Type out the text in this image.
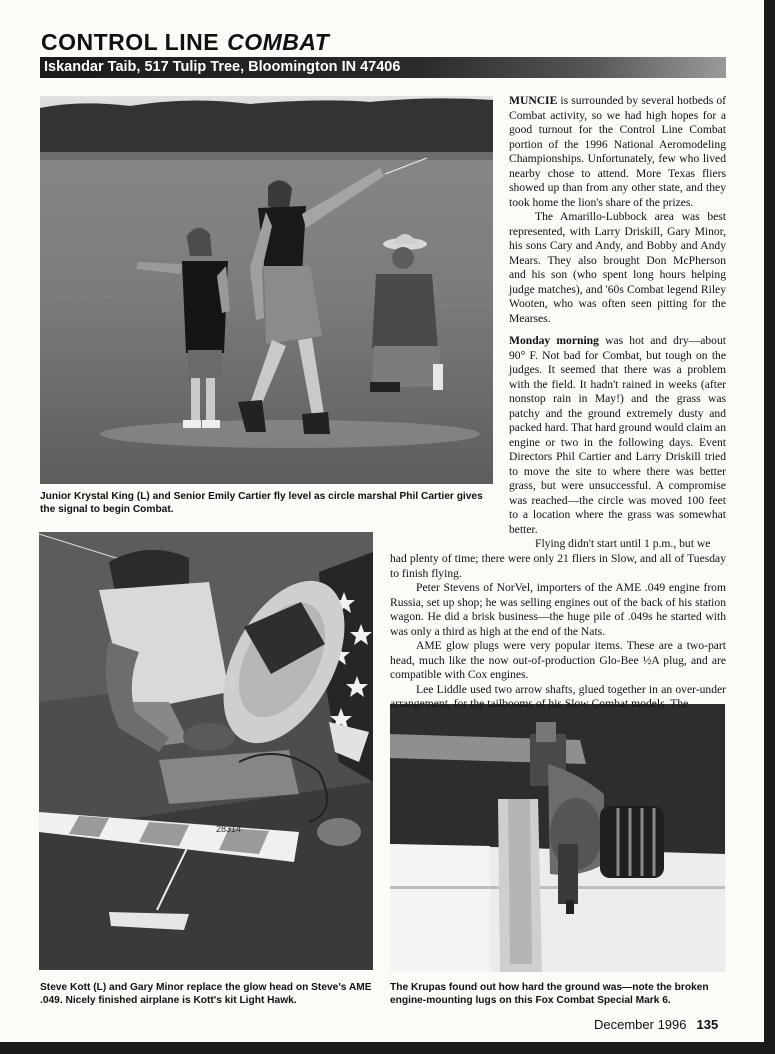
CONTROL LINE COMBAT
Iskandar Taib, 517 Tulip Tree, Bloomington IN 47406
Junior Krystal King (L) and Senior Emily Cartier fly level as circle marshal Phil Cartier gives the signal to begin Combat.
28314
Steve Kott (L) and Gary Minor replace the glow head on Steve's AME .049. Nicely finished airplane is Kott's kit Light Hawk.
The Krupas found out how hard the ground was—note the broken engine-mounting lugs on this Fox Combat Special Mark 6.

MUNCIE is surrounded by several hotbeds of Combat activity, so we had high hopes for a good turnout for the Control Line Combat portion of the 1996 National Aeromodeling Championships. Unfortunately, few who lived nearby chose to attend. More Texas fliers showed up than from any other state, and they took home the lion's share of the prizes.

The Amarillo-Lubbock area was best represented, with Larry Driskill, Gary Minor, his sons Cary and Andy, and Bobby and Andy Mears. They also brought Don McPherson and his son (who spent long hours helping judge matches), and '60s Combat legend Riley Wooten, who was often seen pitting for the Mearses.

Monday morning was hot and dry—about 90° F. Not bad for Combat, but tough on the judges. It seemed that there was a problem with the field. It hadn't rained in weeks (after nonstop rain in May!) and the grass was patchy and the ground extremely dusty and packed hard. That hard ground would claim an engine or two in the following days. Event Directors Phil Cartier and Larry Driskill tried to move the site to where there was better grass, but were unsuccessful. A compromise was reached—the circle was moved 100 feet to a location where the grass was somewhat better.

Flying didn't start until 1 p.m., but we

had plenty of time; there were only 21 fliers in Slow, and all of Tuesday to finish flying.

Peter Stevens of NorVel, importers of the AME .049 engine from Russia, set up shop; he was selling engines out of the back of his station wagon. He did a brisk business—the huge pile of .049s he started with was only a third as high at the end of the Nats.

AME glow plugs were very popular items. These are a two-part head, much like the now out-of-production Glo-Bee ½A plug, and are compatible with Cox engines.

Lee Liddle used two arrow shafts, glued together in an over-under arrangement, for the tailbooms of his Slow Combat models. The

December 1996 135
